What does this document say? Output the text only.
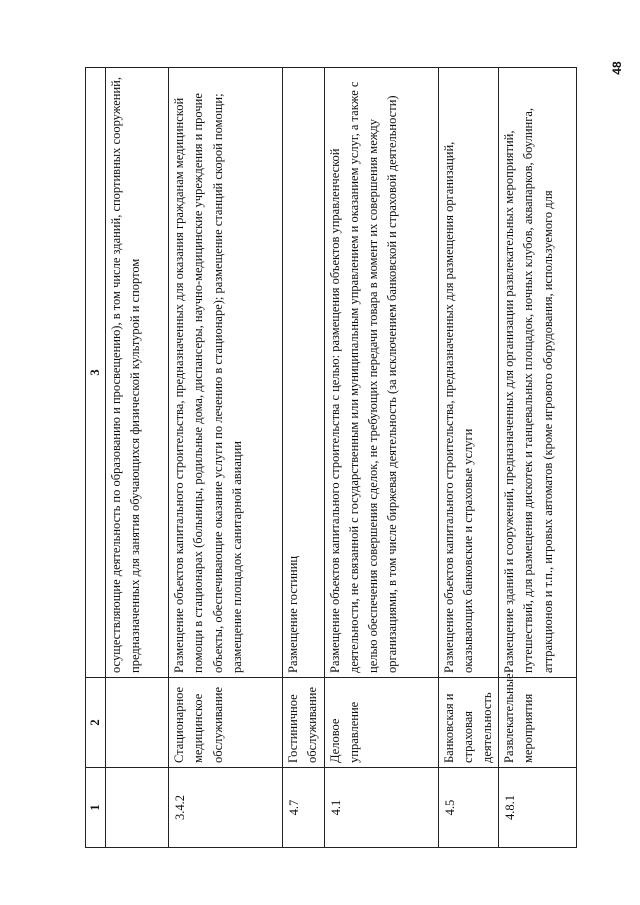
48
1	2	3
		осуществляющие деятельность по образованию и просвещению), в том числе зданий, спортивных сооружений, предназначенных для занятия обучающихся физической культурой и спортом
3.4.2	Стационарное медицинское обслуживание	Размещение объектов капитального строительства, предназначенных для оказания гражданам медицинской помощи в стационарах (больницы, родильные дома, диспансеры, научно-медицинские учреждения и прочие объекты, обеспечивающие оказание услуги по лечению в стационаре); размещение станций скорой помощи; размещение площадок санитарной авиации
4.7	Гостиничное обслуживание	Размещение гостиниц
4.1	Деловое управление	Размещение объектов капитального строительства с целью: размещения объектов управленческой деятельности, не связанной с государственным или муниципальным управлением и оказанием услуг, а также с целью обеспечения совершения сделок, не требующих передачи товара в момент их совершения между организациями, в том числе биржевая деятельность (за исключением банковской и страховой деятельности)
4.5	Банковская и страховая деятельность	Размещение объектов капитального строительства, предназначенных для размещения организаций, оказывающих банковские и страховые услуги
4.8.1	Развлекательные мероприятия	Размещение зданий и сооружений, предназначенных для организации развлекательных мероприятий, путешествий, для размещения дискотек и танцевальных площадок, ночных клубов, аквапарков, боулинга, аттракционов и т.п., игровых автоматов (кроме игрового оборудования, используемого для
